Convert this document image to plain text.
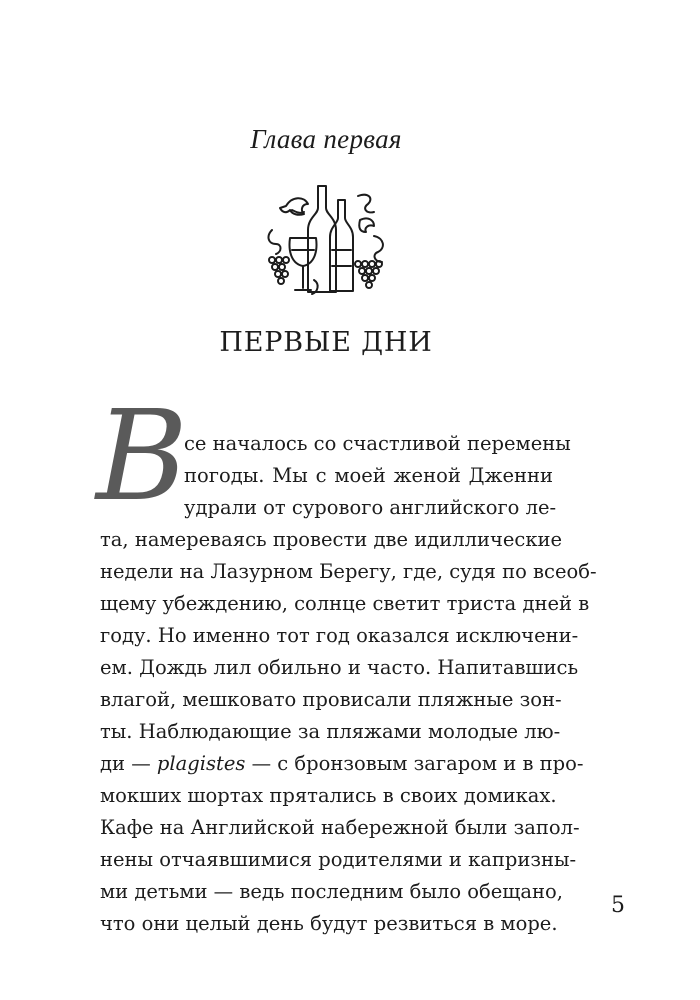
Глава первая
ПЕРВЫЕ ДНИ
В
се началось со счастливой перемены
погоды. Мы с моей женой Дженни
удрали от сурового английского ле-
та, намереваясь провести две идиллические
недели на Лазурном Берегу, где, судя по всеоб-
щему убеждению, солнце светит триста дней в
году. Но именно тот год оказался исключени-
ем. Дождь лил обильно и часто. Напитавшись
влагой, мешковато провисали пляжные зон-
ты. Наблюдающие за пляжами молодые лю-
ди — plagistes — с бронзовым загаром и в про-
мокших шортах прятались в своих домиках.
Кафе на Английской набережной были запол-
нены отчаявшимися родителями и капризны-
ми детьми — ведь последним было обещано,
что они целый день будут резвиться в море.
5
